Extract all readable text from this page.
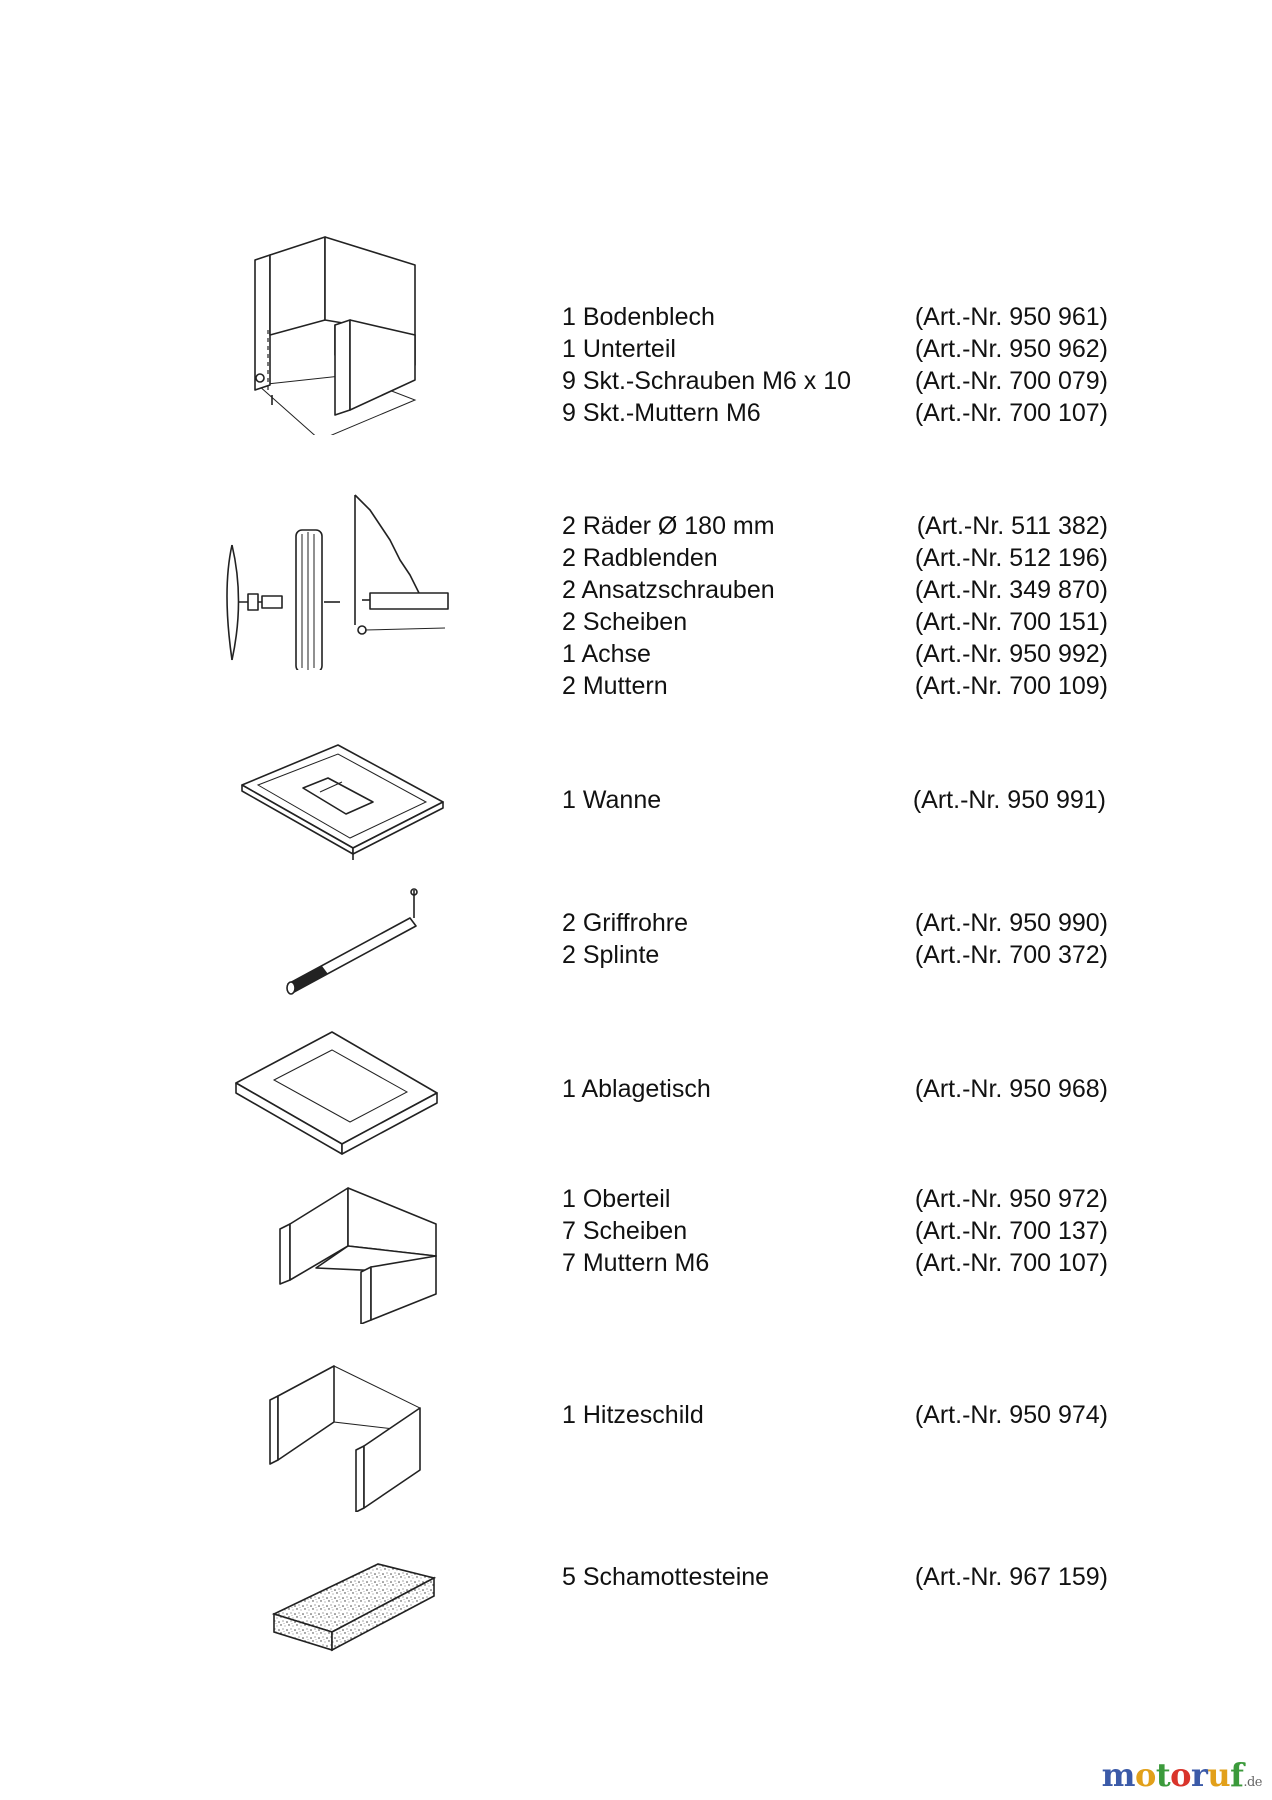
1 Bodenblech	(Art.-Nr. 950 961)
1 Unterteil	(Art.-Nr. 950 962)
9 Skt.-Schrauben M6 x 10	(Art.-Nr. 700 079)
9 Skt.-Muttern M6	(Art.-Nr. 700 107)
2 Räder Ø 180 mm	(Art.-Nr. 511 382)
2 Radblenden	(Art.-Nr. 512 196)
2 Ansatzschrauben	(Art.-Nr. 349 870)
2 Scheiben	(Art.-Nr. 700 151)
1 Achse	(Art.-Nr. 950 992)
2 Muttern	(Art.-Nr. 700 109)
1 Wanne	(Art.-Nr. 950 991)
2 Griffrohre	(Art.-Nr. 950 990)
2 Splinte	(Art.-Nr. 700 372)
1 Ablagetisch	(Art.-Nr. 950 968)
1 Oberteil	(Art.-Nr. 950 972)
7 Scheiben	(Art.-Nr. 700 137)
7 Muttern M6	(Art.-Nr. 700 107)
1 Hitzeschild	(Art.-Nr. 950 974)
5 Schamottesteine	(Art.-Nr. 967 159)
motoruf.de
